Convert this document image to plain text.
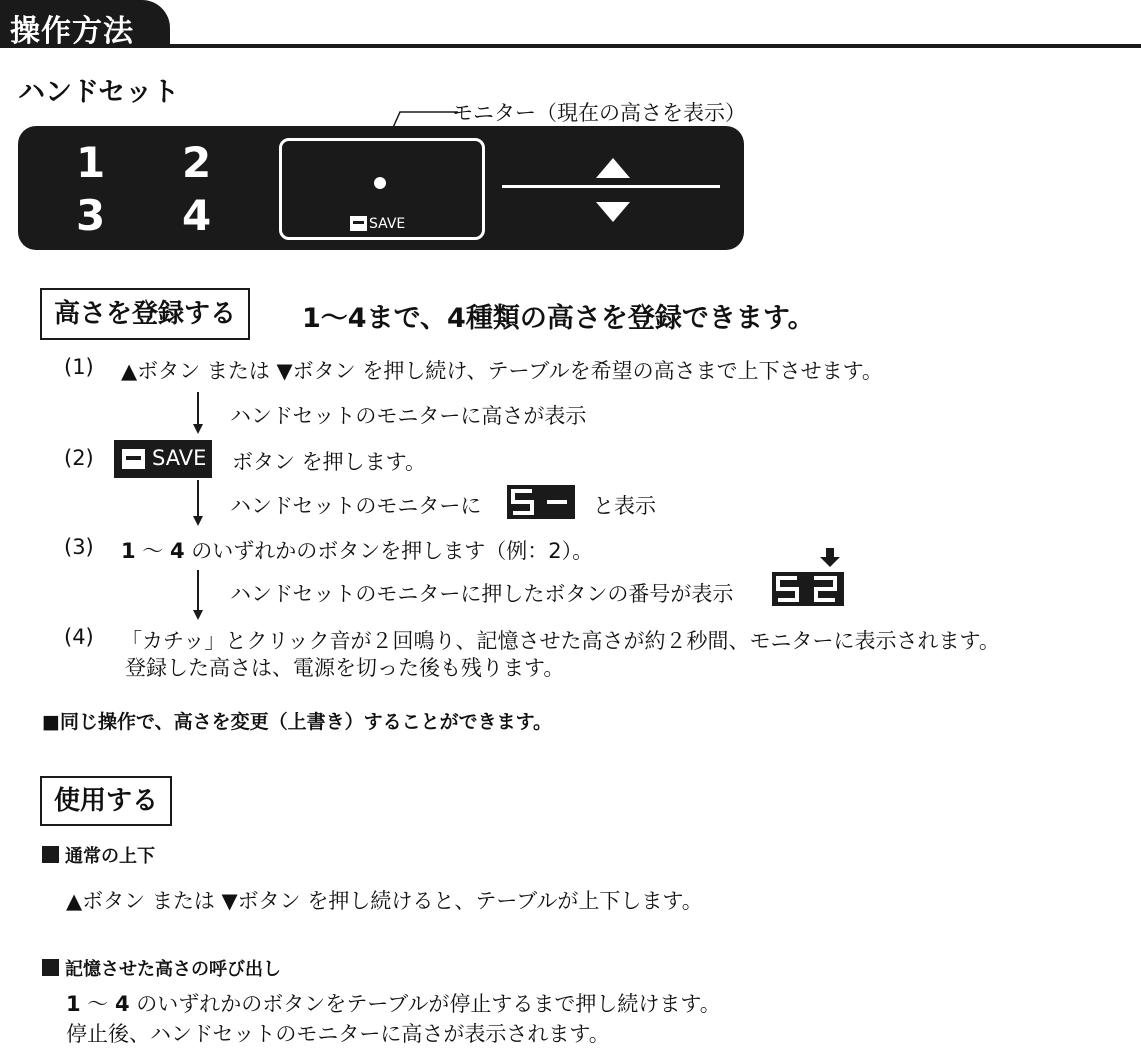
操作方法
ハンドセット
モニター（現在の高さを表示）
1 2
3 4	SAVE
高さを登録する	1〜4まで、4種類の高さを登録できます。
(1) ▲ボタン または ▼ボタン を押し続け、テーブルを希望の高さまで上下させます。
ハンドセットのモニターに高さが表示
(2)	SAVE ボタン を押します。
ハンドセットのモニターに	と表示
(3) 1 〜 4 のいずれかのボタンを押します（例：2）。
ハンドセットのモニターに押したボタンの番号が表示
(4) 「カチッ」とクリック音が２回鳴り、記憶させた高さが約２秒間、モニターに表示されます。
登録した高さは、電源を切った後も残ります。
■同じ操作で、高さを変更（上書き）することができます。
使用する
通常の上下
▲ボタン または ▼ボタン を押し続けると、テーブルが上下します。
記憶させた高さの呼び出し
1 〜 4 のいずれかのボタンをテーブルが停止するまで押し続けます。
停止後、ハンドセットのモニターに高さが表示されます。
